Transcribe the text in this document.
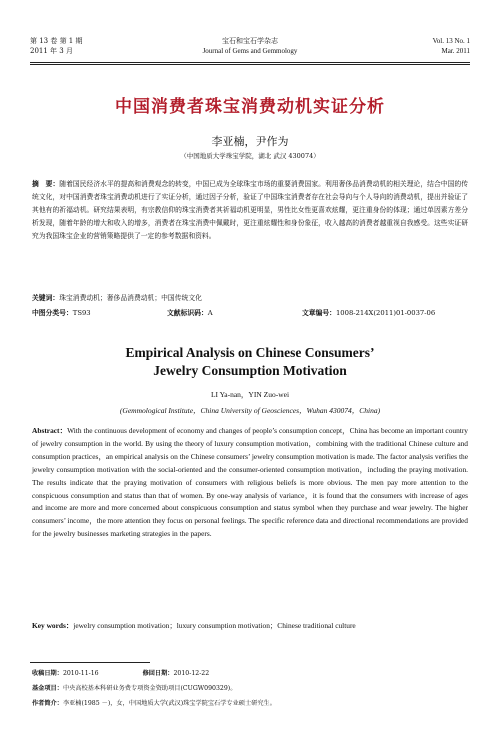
第 13 卷 第 1 期
2011 年 3 月
宝石和宝石学杂志
Journal of Gems and Gemmology
Vol. 13 No. 1
Mar. 2011
中国消费者珠宝消费动机实证分析
李亚楠，尹作为
（中国地质大学珠宝学院，湖北 武汉 430074）
摘　要：随着国民经济水平的提高和消费观念的转变，中国已成为全球珠宝市场的重要消费国家。利用奢侈品消费动机的相关理论，结合中国的传统文化，对中国消费者珠宝消费动机进行了实证分析，通过因子分析，验证了中国珠宝消费者存在社会导向与个人导向的消费动机，提出并验证了其他有的祈福动机。研究结果表明，有宗教信仰的珠宝消费者其祈福动机更明显，男性比女性更喜欢炫耀，更注重身份的体现；通过单因素方差分析发现，随着年龄的增大和收入的增多，消费者在珠宝消费中佩戴时，更注重炫耀性和身份象征，收入越高的消费者越重视自我感受。这些实证研究为我国珠宝企业的营销策略提供了一定的参考数据和资料。
关键词：珠宝消费动机；奢侈品消费动机；中国传统文化
中图分类号：TS93	文献标识码：A	文章编号：1008-214X(2011)01-0037-06
Empirical Analysis on Chinese Consumers’
Jewelry Consumption Motivation
LI Ya-nan，YIN Zuo-wei
(Gemmological Institute，China University of Geosciences，Wuhan 430074，China)
Abstract：With the continuous development of economy and changes of people’s consumption concept，China has become an important country of jewelry consumption in the world. By using the theory of luxury consumption motivation，combining with the traditional Chinese culture and consumption practices，an empirical analysis on the Chinese consumers’ jewelry consumption motivation is made. The factor analysis verifies the jewelry consumption motivation with the social-oriented and the consumer-oriented consumption motivation，including the praying motivation. The results indicate that the praying motivation of consumers with religious beliefs is more obvious. The men pay more attention to the conspicuous consumption and status than that of women. By one-way analysis of variance，it is found that the consumers with increase of ages and income are more and more concerned about conspicuous consumption and status symbol when they purchase and wear jewelry. The higher consumers’ income，the more attention they focus on personal feelings. The specific reference data and directional recommendations are provided for the jewelry businesses marketing strategies in the papers.
Key words：jewelry consumption motivation；luxury consumption motivation；Chinese traditional culture
收稿日期：2010-11-16	修回日期：2010-12-22
基金项目：中央高校基本科研业务费专项资金资助项目(CUGW090329)。
作者简介：李亚楠(1985 －)，女，中国地质大学(武汉)珠宝学院宝石学专业硕士研究生。
